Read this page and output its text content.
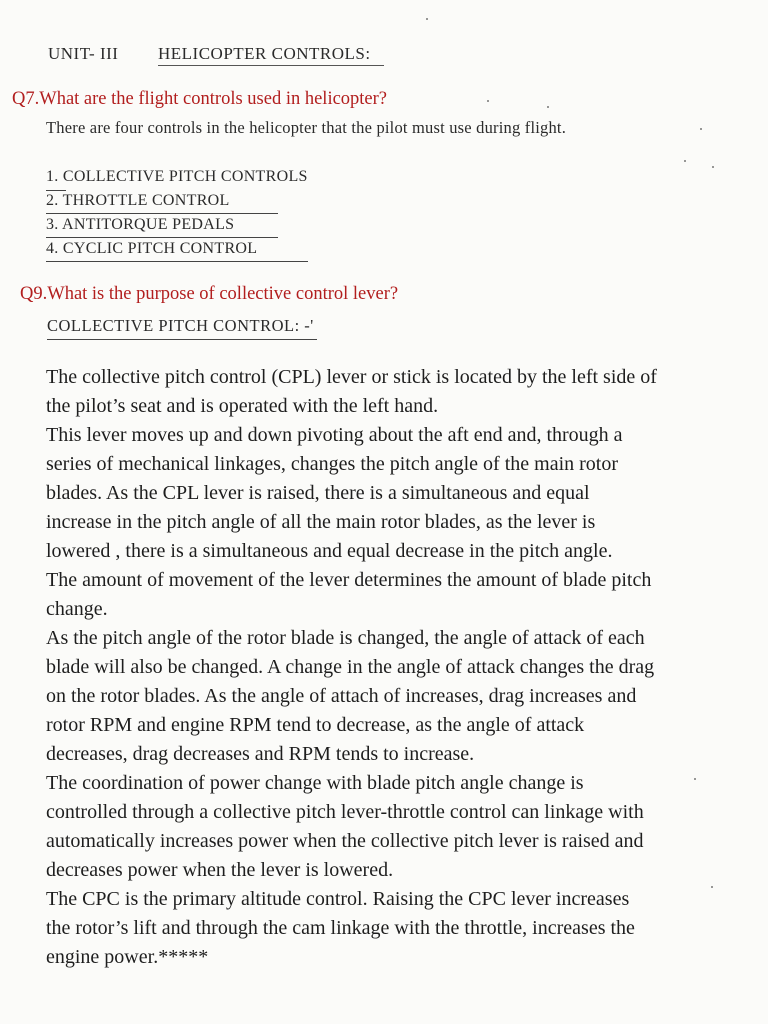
UNIT- III HELICOPTER CONTROLS:
Q7.What are the flight controls used in helicopter?
There are four controls in the helicopter that the pilot must use during flight.
1. COLLECTIVE PITCH CONTROLS
2. THROTTLE CONTROL
3. ANTITORQUE PEDALS
4. CYCLIC PITCH CONTROL
Q9.What is the purpose of collective control lever?
COLLECTIVE PITCH CONTROL: -'
The collective pitch control (CPL) lever or stick is located by the left side of
the pilot’s seat and is operated with the left hand.
This lever moves up and down pivoting about the aft end and, through a
series of mechanical linkages, changes the pitch angle of the main rotor
blades. As the CPL lever is raised, there is a simultaneous and equal
increase in the pitch angle of all the main rotor blades, as the lever is
lowered , there is a simultaneous and equal decrease in the pitch angle.
The amount of movement of the lever determines the amount of blade pitch
change.
As the pitch angle of the rotor blade is changed, the angle of attack of each
blade will also be changed. A change in the angle of attack changes the drag
on the rotor blades. As the angle of attach of increases, drag increases and
rotor RPM and engine RPM tend to decrease, as the angle of attack
decreases, drag decreases and RPM tends to increase.
The coordination of power change with blade pitch angle change is
controlled through a collective pitch lever-throttle control can linkage with
automatically increases power when the collective pitch lever is raised and
decreases power when the lever is lowered.
The CPC is the primary altitude control. Raising the CPC lever increases
the rotor’s lift and through the cam linkage with the throttle, increases the
engine power.*****
